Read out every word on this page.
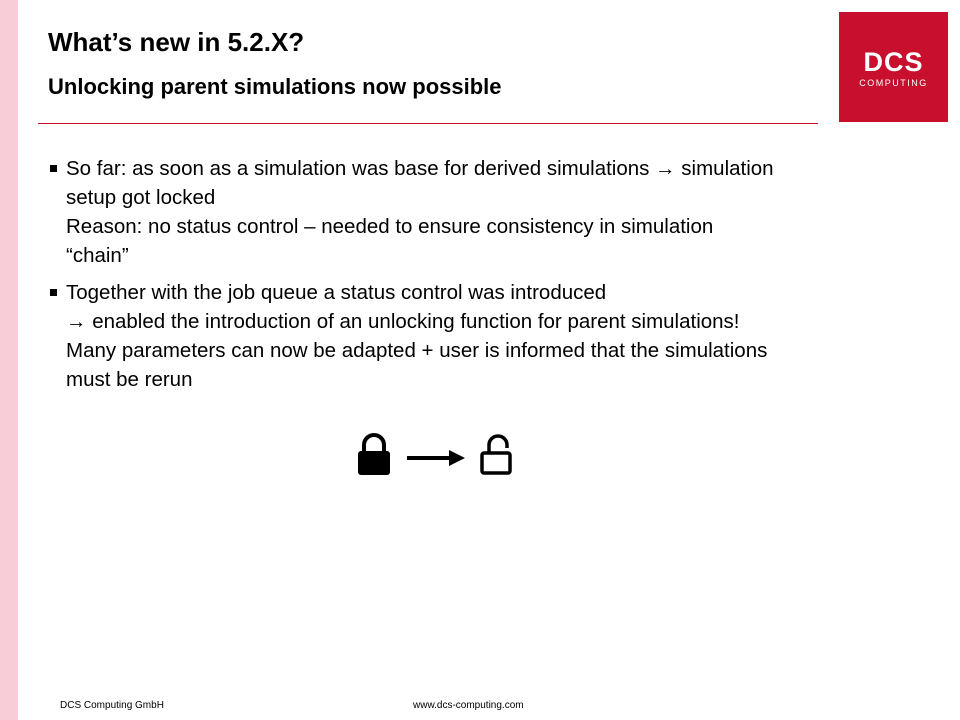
What’s new in 5.2.X?
Unlocking parent simulations now possible
DCS
COMPUTING
So far: as soon as a simulation was base for derived simulations → simulation
setup got locked
Reason: no status control – needed to ensure consistency in simulation
“chain”
Together with the job queue a status control was introduced
→ enabled the introduction of an unlocking function for parent simulations!
Many parameters can now be adapted + user is informed that the simulations
must be rerun
DCS Computing GmbH	www.dcs-computing.com
